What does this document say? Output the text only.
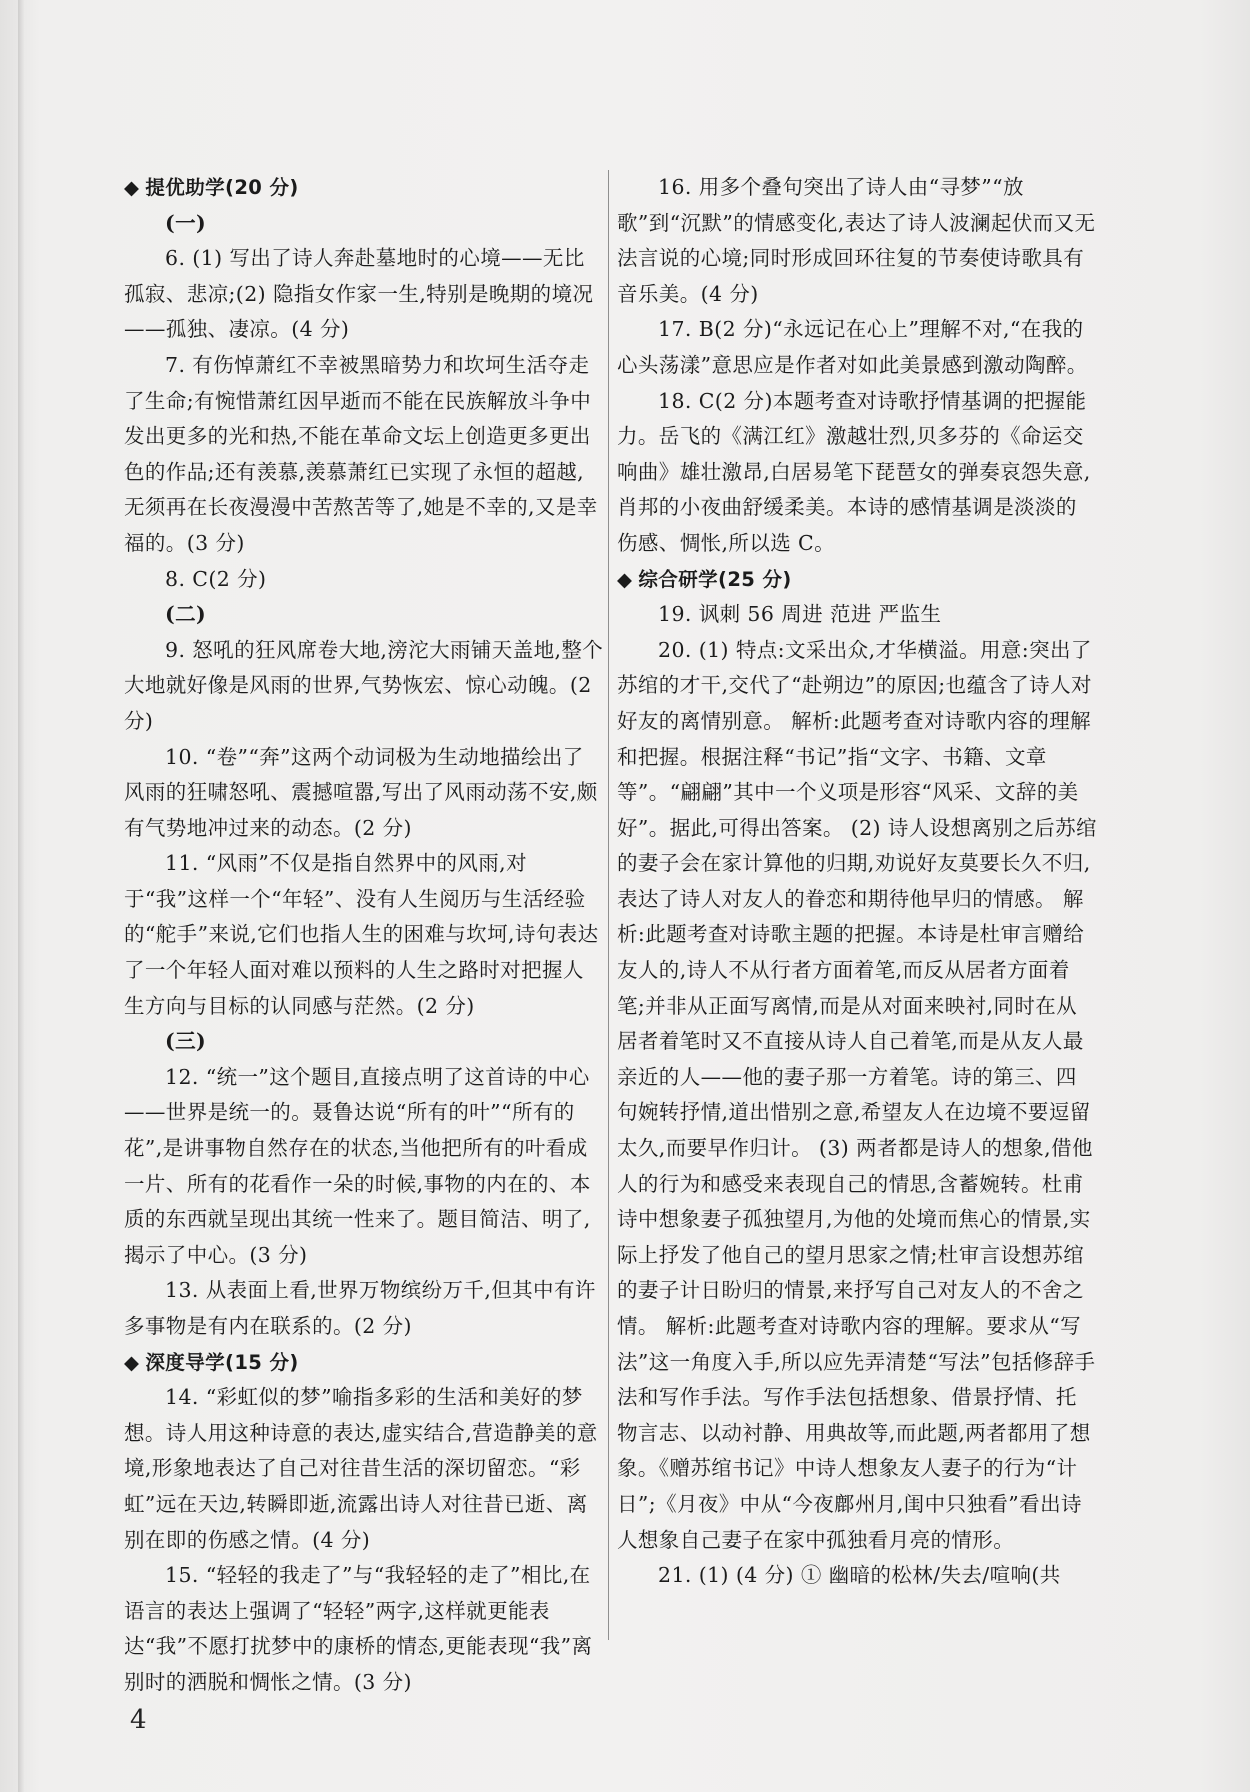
◆ 提优助学(20 分)

(一)

6. (1) 写出了诗人奔赴墓地时的心境——无比孤寂、悲凉;(2) 隐指女作家一生,特别是晚期的境况——孤独、凄凉。(4 分)

7. 有伤悼萧红不幸被黑暗势力和坎坷生活夺走了生命;有惋惜萧红因早逝而不能在民族解放斗争中发出更多的光和热,不能在革命文坛上创造更多更出色的作品;还有羡慕,羡慕萧红已实现了永恒的超越,无须再在长夜漫漫中苦熬苦等了,她是不幸的,又是幸福的。(3 分)

8. C(2 分)

(二)

9. 怒吼的狂风席卷大地,滂沱大雨铺天盖地,整个大地就好像是风雨的世界,气势恢宏、惊心动魄。(2 分)

10. “卷”“奔”这两个动词极为生动地描绘出了风雨的狂啸怒吼、震撼喧嚣,写出了风雨动荡不安,颇有气势地冲过来的动态。(2 分)

11. “风雨”不仅是指自然界中的风雨,对于“我”这样一个“年轻”、没有人生阅历与生活经验的“舵手”来说,它们也指人生的困难与坎坷,诗句表达了一个年轻人面对难以预料的人生之路时对把握人生方向与目标的认同感与茫然。(2 分)

(三)

12. “统一”这个题目,直接点明了这首诗的中心——世界是统一的。聂鲁达说“所有的叶”“所有的花”,是讲事物自然存在的状态,当他把所有的叶看成一片、所有的花看作一朵的时候,事物的内在的、本质的东西就呈现出其统一性来了。题目简洁、明了,揭示了中心。(3 分)

13. 从表面上看,世界万物缤纷万千,但其中有许多事物是有内在联系的。(2 分)

◆ 深度导学(15 分)

14. “彩虹似的梦”喻指多彩的生活和美好的梦想。诗人用这种诗意的表达,虚实结合,营造静美的意境,形象地表达了自己对往昔生活的深切留恋。“彩虹”远在天边,转瞬即逝,流露出诗人对往昔已逝、离别在即的伤感之情。(4 分)

15. “轻轻的我走了”与“我轻轻的走了”相比,在语言的表达上强调了“轻轻”两字,这样就更能表达“我”不愿打扰梦中的康桥的情态,更能表现“我”离别时的洒脱和惆怅之情。(3 分)

16. 用多个叠句突出了诗人由“寻梦”“放歌”到“沉默”的情感变化,表达了诗人波澜起伏而又无法言说的心境;同时形成回环往复的节奏使诗歌具有音乐美。(4 分)

17. B(2 分)“永远记在心上”理解不对,“在我的心头荡漾”意思应是作者对如此美景感到激动陶醉。

18. C(2 分)本题考查对诗歌抒情基调的把握能力。岳飞的《满江红》激越壮烈,贝多芬的《命运交响曲》雄壮激昂,白居易笔下琵琶女的弹奏哀怨失意,肖邦的小夜曲舒缓柔美。本诗的感情基调是淡淡的伤感、惆怅,所以选 C。

◆ 综合研学(25 分)

19. 讽刺 56 周进 范进 严监生

20. (1) 特点:文采出众,才华横溢。用意:突出了苏绾的才干,交代了“赴朔边”的原因;也蕴含了诗人对好友的离情别意。 解析:此题考查对诗歌内容的理解和把握。根据注释“书记”指“文字、书籍、文章等”。“翩翩”其中一个义项是形容“风采、文辞的美好”。据此,可得出答案。 (2) 诗人设想离别之后苏绾的妻子会在家计算他的归期,劝说好友莫要长久不归,表达了诗人对友人的眷恋和期待他早归的情感。 解析:此题考查对诗歌主题的把握。本诗是杜审言赠给友人的,诗人不从行者方面着笔,而反从居者方面着笔;并非从正面写离情,而是从对面来映衬,同时在从居者着笔时又不直接从诗人自己着笔,而是从友人最亲近的人——他的妻子那一方着笔。诗的第三、四句婉转抒情,道出惜别之意,希望友人在边境不要逗留太久,而要早作归计。 (3) 两者都是诗人的想象,借他人的行为和感受来表现自己的情思,含蓄婉转。杜甫诗中想象妻子孤独望月,为他的处境而焦心的情景,实际上抒发了他自己的望月思家之情;杜审言设想苏绾的妻子计日盼归的情景,来抒写自己对友人的不舍之情。 解析:此题考查对诗歌内容的理解。要求从“写法”这一角度入手,所以应先弄清楚“写法”包括修辞手法和写作手法。写作手法包括想象、借景抒情、托物言志、以动衬静、用典故等,而此题,两者都用了想象。《赠苏绾书记》中诗人想象友人妻子的行为“计日”;《月夜》中从“今夜鄜州月,闺中只独看”看出诗人想象自己妻子在家中孤独看月亮的情形。

21. (1) (4 分) ① 幽暗的松林/失去/喧响(共

4
